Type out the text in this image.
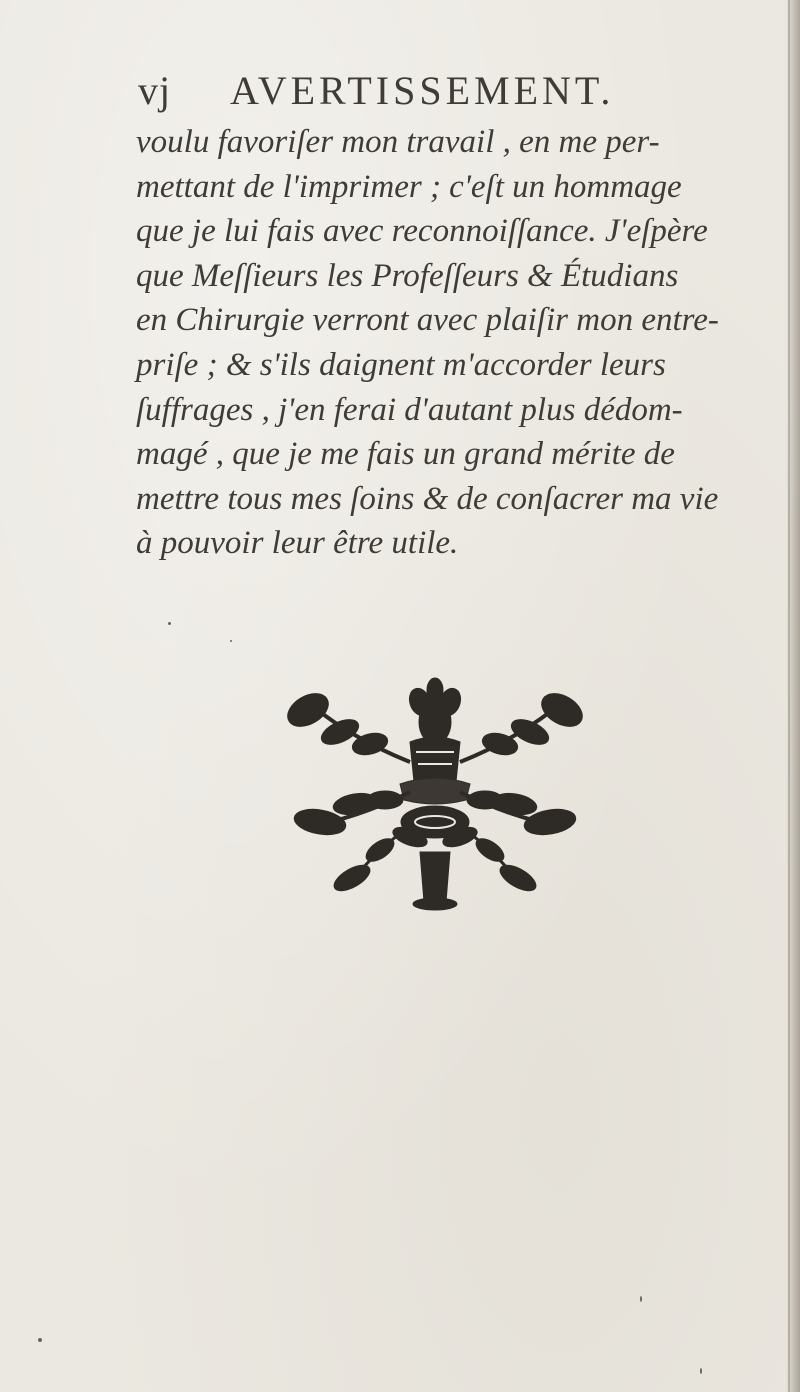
vj AVERTISSEMENT.
voulu favoriſer mon travail , en me per-
mettant de l'imprimer ; c'eſt un hommage
que je lui fais avec reconnoiſſance. J'eſpère
que Meſſieurs les Profeſſeurs & Étudians
en Chirurgie verront avec plaiſir mon entre-
priſe ; & s'ils daignent m'accorder leurs
ſuffrages , j'en ferai d'autant plus dédom-
magé , que je me fais un grand mérite de
mettre tous mes ſoins & de conſacrer ma vie
à pouvoir leur être utile.
